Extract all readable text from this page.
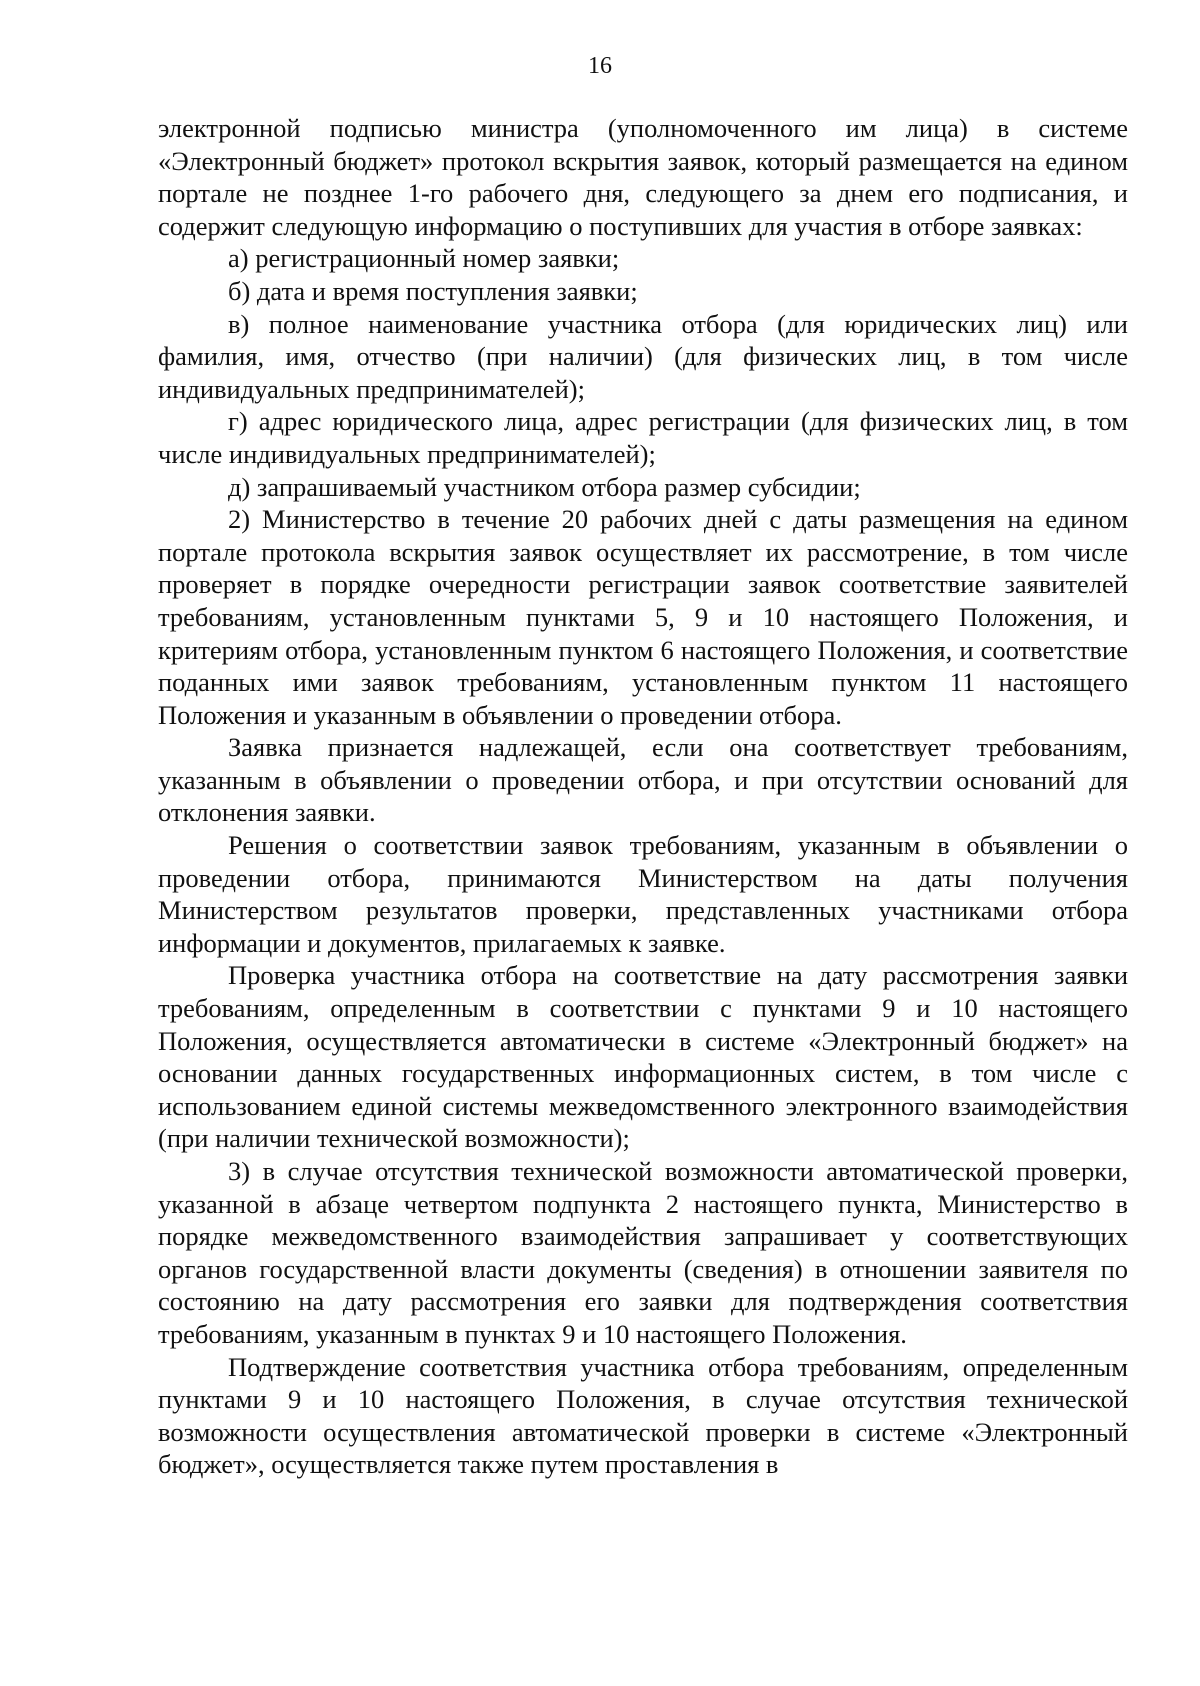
16

электронной подписью министра (уполномоченного им лица) в системе «Электронный бюджет» протокол вскрытия заявок, который размещается на едином портале не позднее 1-го рабочего дня, следующего за днем его подписания, и содержит следующую информацию о поступивших для участия в отборе заявках:

а) регистрационный номер заявки;

б) дата и время поступления заявки;

в) полное наименование участника отбора (для юридических лиц) или фамилия, имя, отчество (при наличии) (для физических лиц, в том числе индивидуальных предпринимателей);

г) адрес юридического лица, адрес регистрации (для физических лиц, в том числе индивидуальных предпринимателей);

д) запрашиваемый участником отбора размер субсидии;

2) Министерство в течение 20 рабочих дней с даты размещения на едином портале протокола вскрытия заявок осуществляет их рассмотрение, в том числе проверяет в порядке очередности регистрации заявок соответствие заявителей требованиям, установленным пунктами 5, 9 и 10 настоящего Положения, и критериям отбора, установленным пунктом 6 настоящего Положения, и соответствие поданных ими заявок требованиям, установленным пунктом 11 настоящего Положения и указанным в объявлении о проведении отбора.

Заявка признается надлежащей, если она соответствует требованиям, указанным в объявлении о проведении отбора, и при отсутствии оснований для отклонения заявки.

Решения о соответствии заявок требованиям, указанным в объявлении о проведении отбора, принимаются Министерством на даты получения Министерством результатов проверки, представленных участниками отбора информации и документов, прилагаемых к заявке.

Проверка участника отбора на соответствие на дату рассмотрения заявки требованиям, определенным в соответствии с пунктами 9 и 10 настоящего Положения, осуществляется автоматически в системе «Электронный бюджет» на основании данных государственных информационных систем, в том числе с использованием единой системы межведомственного электронного взаимодействия (при наличии технической возможности);

3) в случае отсутствия технической возможности автоматической проверки, указанной в абзаце четвертом подпункта 2 настоящего пункта, Министерство в порядке межведомственного взаимодействия запрашивает у соответствующих органов государственной власти документы (сведения) в отношении заявителя по состоянию на дату рассмотрения его заявки для подтверждения соответствия требованиям, указанным в пунктах 9 и 10 настоящего Положения.

Подтверждение соответствия участника отбора требованиям, определенным пунктами 9 и 10 настоящего Положения, в случае отсутствия технической возможности осуществления автоматической проверки в системе «Электронный бюджет», осуществляется также путем проставления в
